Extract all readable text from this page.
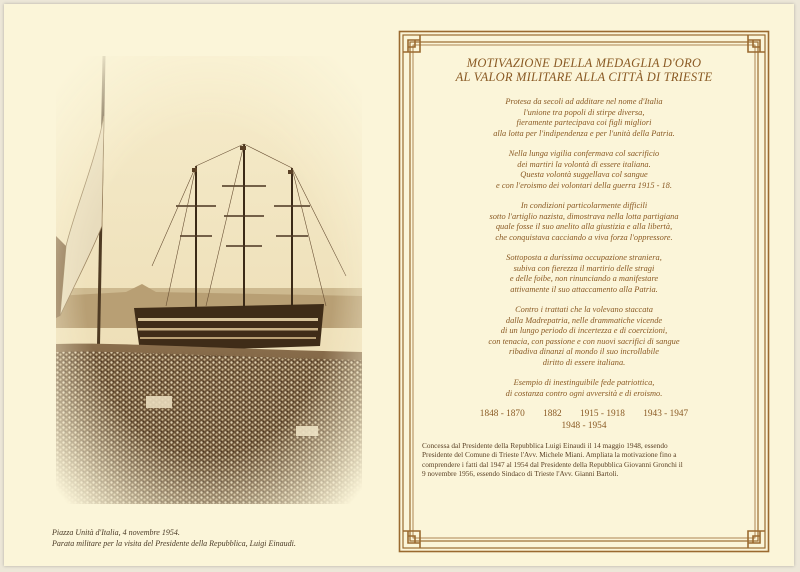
Piazza Unità d'Italia, 4 novembre 1954.
Parata militare per la visita del Presidente della Repubblica, Luigi Einaudi.
MOTIVAZIONE DELLA MEDAGLIA D'ORO
AL VALOR MILITARE ALLA CITTÀ DI TRIESTE
Protesa da secoli ad additare nel nome d'Italia
l'unione tra popoli di stirpe diversa,
fieramente partecipava coi figli migliori
alla lotta per l'indipendenza e per l'unità della Patria.
Nella lunga vigilia confermava col sacrificio
dei martiri la volontà di essere italiana.
Questa volontà suggellava col sangue
e con l'eroismo dei volontari della guerra 1915 - 18.
In condizioni particolarmente difficili
sotto l'artiglio nazista, dimostrava nella lotta partigiana
quale fosse il suo anelito alla giustizia e alla libertà,
che conquistava cacciando a viva forza l'oppressore.
Sottoposta a durissima occupazione straniera,
subiva con fierezza il martirio delle stragi
e delle foibe, non rinunciando a manifestare
attivamente il suo attaccamento alla Patria.
Contro i trattati che la volevano staccata
dalla Madrepatria, nelle drammatiche vicende
di un lungo periodo di incertezza e di coercizioni,
con tenacia, con passione e con nuovi sacrifici di sangue
ribadiva dinanzi al mondo il suo incrollabile
diritto di essere italiana.
Esempio di inestinguibile fede patriottica,
di costanza contro ogni avversità e di eroismo.
1848 - 1870 1882 1915 - 1918 1943 - 1947
1948 - 1954
Concessa dal Presidente della Repubblica Luigi Einaudi il 14 maggio 1948, essendo
Presidente del Comune di Trieste l'Avv. Michele Miani. Ampliata la motivazione fino a
comprendere i fatti dal 1947 al 1954 dal Presidente della Repubblica Giovanni Gronchi il
9 novembre 1956, essendo Sindaco di Trieste l'Avv. Gianni Bartoli.
